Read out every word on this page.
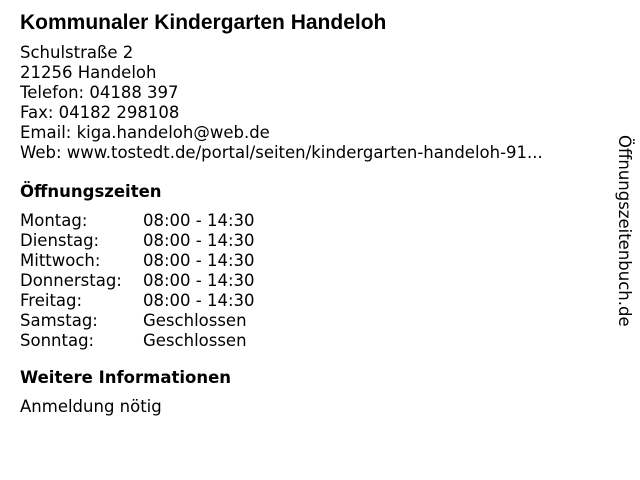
Kommunaler Kindergarten Handeloh
Schulstraße 2
21256 Handeloh
Telefon: 04188 397
Fax: 04182 298108
Email: kiga.handeloh@web.de
Web: www.tostedt.de/portal/seiten/kindergarten-handeloh-91...
Öffnungszeiten
Montag:	08:00 - 14:30
Dienstag:	08:00 - 14:30
Mittwoch:	08:00 - 14:30
Donnerstag:	08:00 - 14:30
Freitag:	08:00 - 14:30
Samstag:	Geschlossen
Sonntag:	Geschlossen
Weitere Informationen
Anmeldung nötig
Öffnungszeitenbuch.de
